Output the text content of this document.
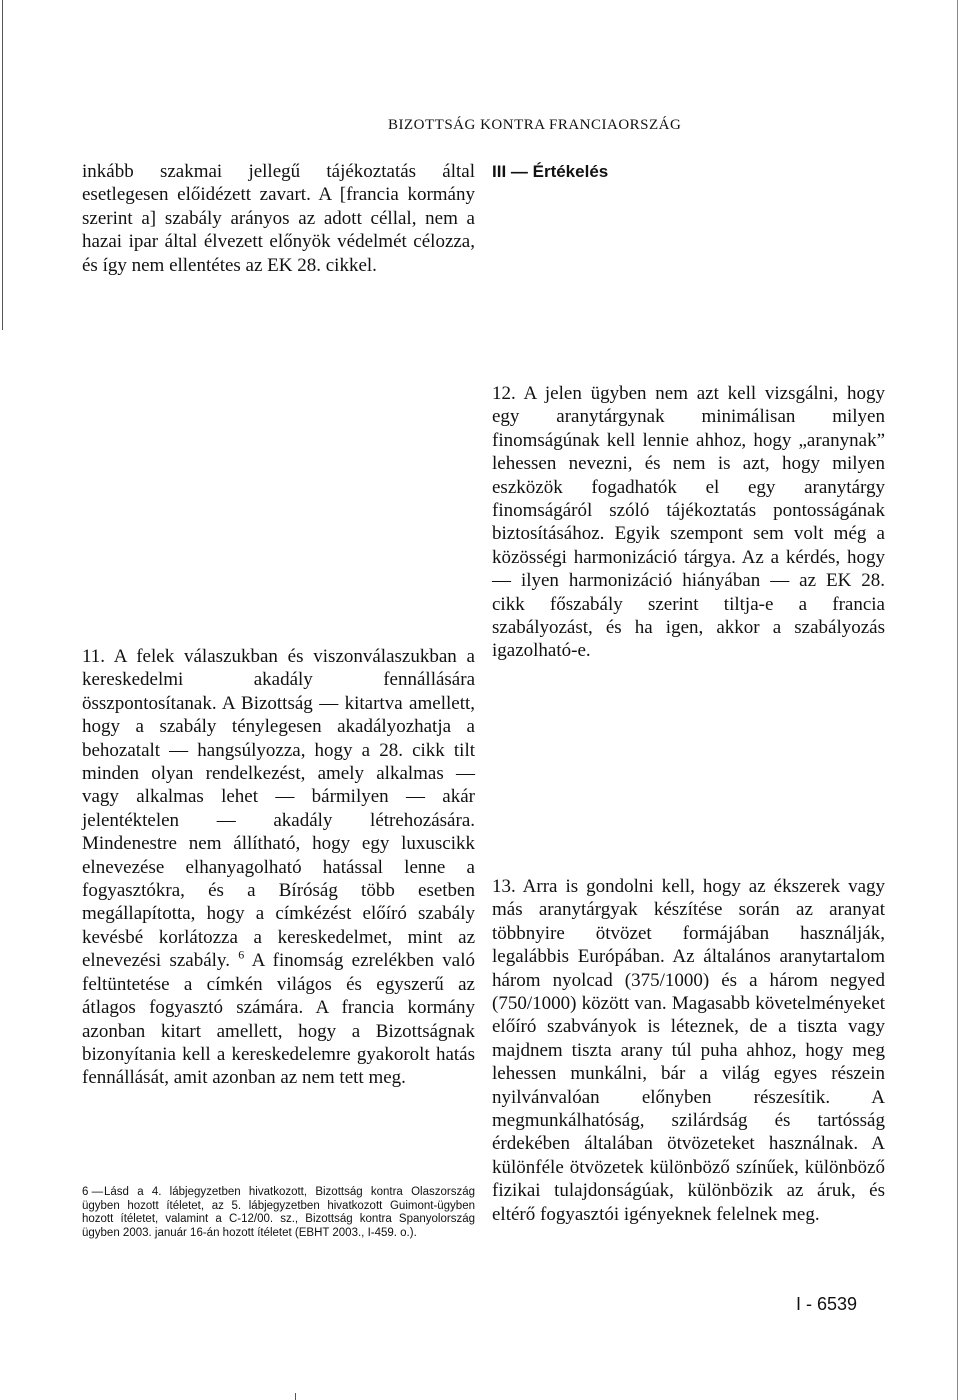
BIZOTTSÁG KONTRA FRANCIAORSZÁG

inkább szakmai jellegű tájékoztatás által esetlegesen előidézett zavart. A [francia kormány szerint a] szabály arányos az adott céllal, nem a hazai ipar által élvezett előnyök védelmét célozza, és így nem ellentétes az EK 28. cikkel.

III — Értékelés

12. A jelen ügyben nem azt kell vizsgálni, hogy egy aranytárgynak minimálisan milyen finomságúnak kell lennie ahhoz, hogy „aranynak” lehessen nevezni, és nem is azt, hogy milyen eszközök fogadhatók el egy aranytárgy finomságáról szóló tájékoztatás pontosságának biztosításához. Egyik szempont sem volt még a közösségi harmonizáció tárgya. Az a kérdés, hogy — ilyen harmonizáció hiányában — az EK 28. cikk főszabály szerint tiltja-e a francia szabályozást, és ha igen, akkor a szabályozás igazolható-e.

11. A felek válaszukban és viszonválaszukban a kereskedelmi akadály fennállására összpontosítanak. A Bizottság — kitartva amellett, hogy a szabály ténylegesen akadályozhatja a behozatalt — hangsúlyozza, hogy a 28. cikk tilt minden olyan rendelkezést, amely alkalmas — vagy alkalmas lehet — bármilyen — akár jelentéktelen — akadály létrehozására. Mindenestre nem állítható, hogy egy luxuscikk elnevezése elhanyagolható hatással lenne a fogyasztókra, és a Bíróság több esetben megállapította, hogy a címkézést előíró szabály kevésbé korlátozza a kereskedelmet, mint az elnevezési szabály. $^6$ A finomság ezrelékben való feltüntetése a címkén világos és egyszerű az átlagos fogyasztó számára. A francia kormány azonban kitart amellett, hogy a Bizottságnak bizonyítania kell a kereskedelemre gyakorolt hatás fennállását, amit azonban az nem tett meg.

13. Arra is gondolni kell, hogy az ékszerek vagy más aranytárgyak készítése során az aranyat többnyire ötvözet formájában használják, legalábbis Európában. Az általános aranytartalom három nyolcad (375/1000) és a három negyed (750/1000) között van. Magasabb követelményeket előíró szabványok is léteznek, de a tiszta vagy majdnem tiszta arany túl puha ahhoz, hogy meg lehessen munkálni, bár a világ egyes részein nyilvánvalóan előnyben részesítik. A megmunkálhatóság, szilárdság és tartósság érdekében általában ötvözeteket használnak. A különféle ötvözetek különböző színűek, különböző fizikai tulajdonságúak, különbözik az áruk, és eltérő fogyasztói igényeknek felelnek meg.

6 —Lásd a 4. lábjegyzetben hivatkozott, Bizottság kontra Olaszország ügyben hozott ítéletet, az 5. lábjegyzetben hivatkozott Guimont-ügyben hozott ítéletet, valamint a C-12/00. sz., Bizottság kontra Spanyolország ügyben 2003. január 16-án hozott ítéletet (EBHT 2003., I-459. o.).
I - 6539
